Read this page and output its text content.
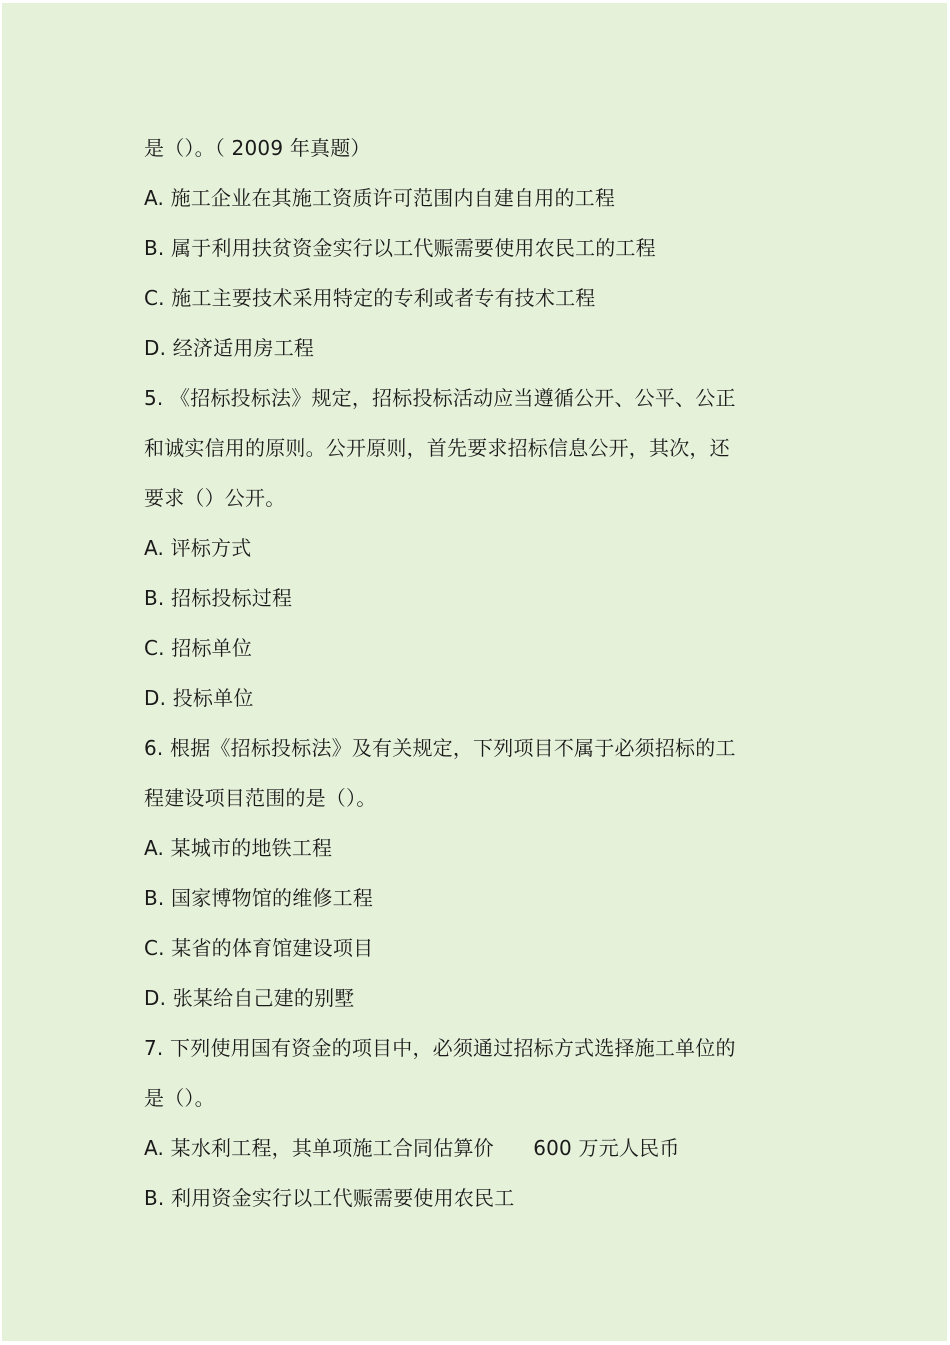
是（）。（ 2009 年真题）
A. 施工企业在其施工资质许可范围内自建自用的工程
B. 属于利用扶贫资金实行以工代赈需要使用农民工的工程
C. 施工主要技术采用特定的专利或者专有技术工程
D. 经济适用房工程
5. 《招标投标法》规定，招标投标活动应当遵循公开、公平、公正
和诚实信用的原则。公开原则，首先要求招标信息公开，其次，还
要求（）公开。
A. 评标方式
B. 招标投标过程
C. 招标单位
D. 投标单位
6. 根据《招标投标法》及有关规定，下列项目不属于必须招标的工
程建设项目范围的是（）。
A. 某城市的地铁工程
B. 国家博物馆的维修工程
C. 某省的体育馆建设项目
D. 张某给自己建的别墅
7. 下列使用国有资金的项目中，必须通过招标方式选择施工单位的
是（）。
A. 某水利工程，其单项施工合同估算价      600 万元人民币
B. 利用资金实行以工代赈需要使用农民工
